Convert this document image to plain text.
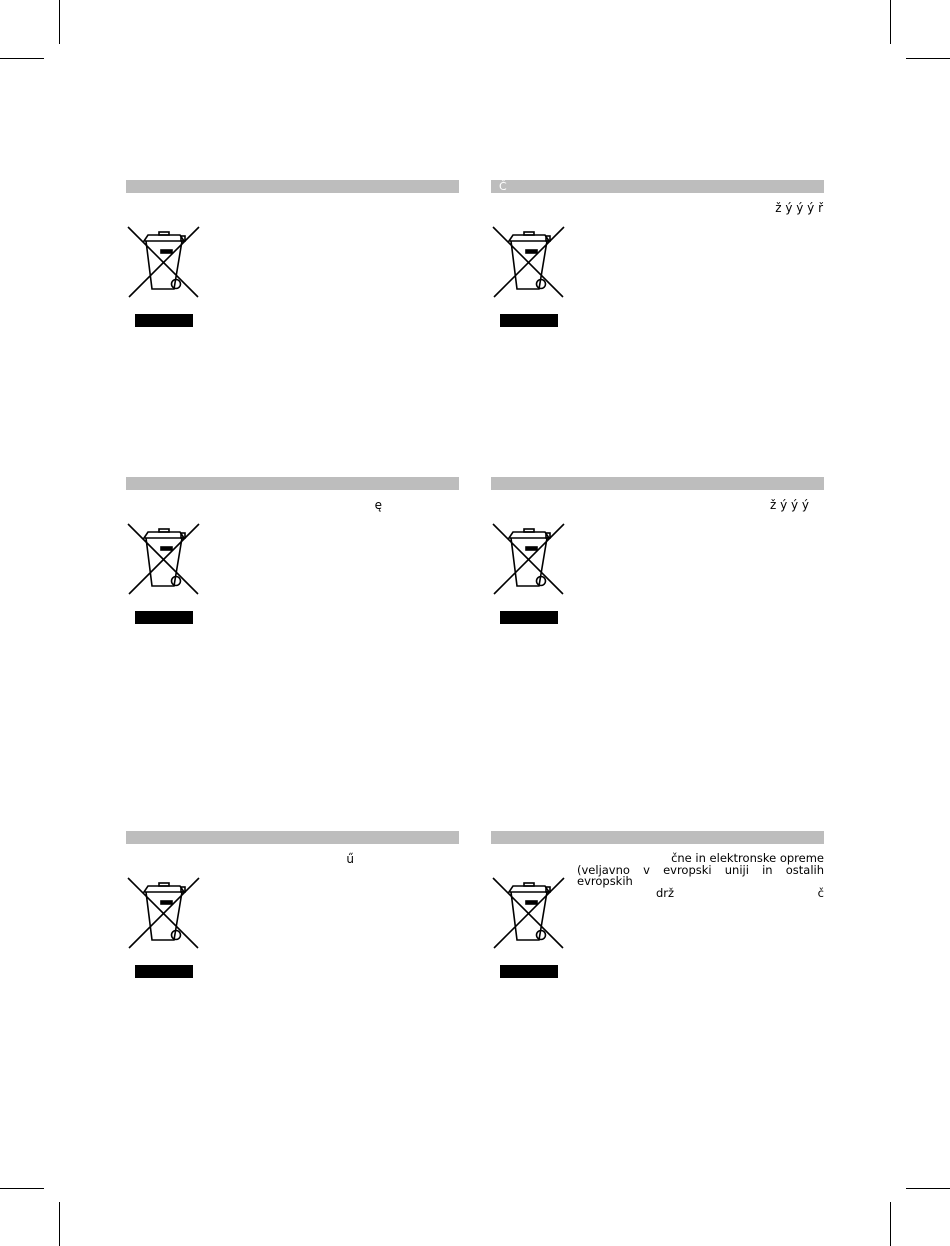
Č
ž ý ý ý ř
ę	ž ý ý ý
ű	čne in elektronske opreme
(veljavno v evropski uniji in ostalih evropskih
drž č
